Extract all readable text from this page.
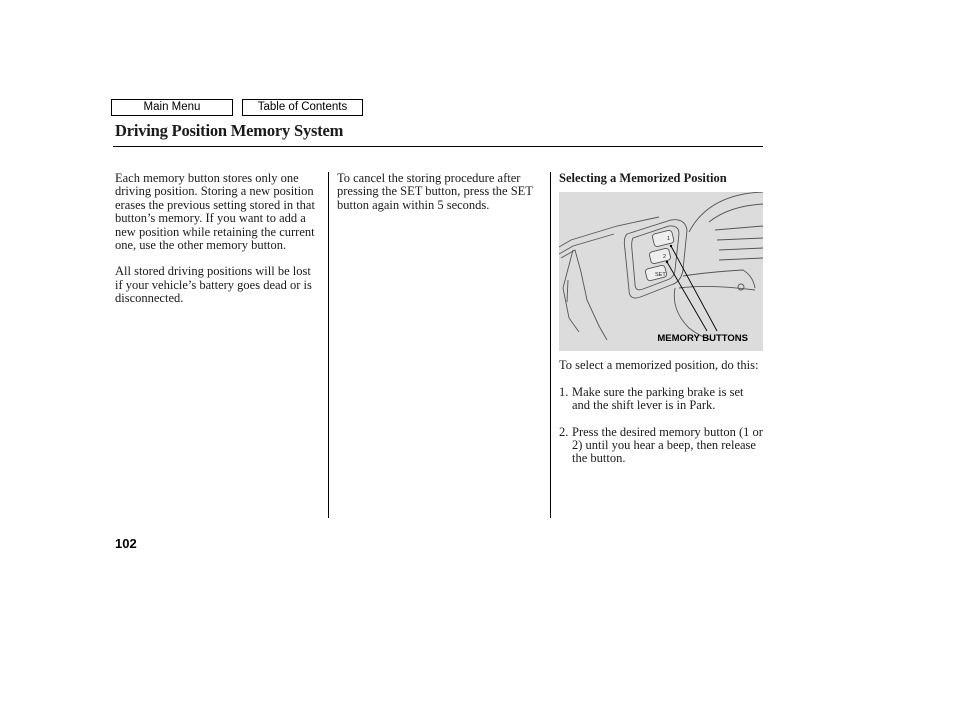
Main Menu	Table of Contents
Driving Position Memory System

Each memory button stores only one driving position. Storing a new position erases the previous setting stored in that button’s memory. If you want to add a new position while retaining the current one, use the other memory button.

All stored driving positions will be lost if your vehicle’s battery goes dead or is disconnected.

To cancel the storing procedure after pressing the SET button, press the SET button again within 5 seconds.

Selecting a Memorized Position
1
2
SET
MEMORY BUTTONS

To select a memorized position, do this:

1. Make sure the parking brake is set and the shift lever is in Park.
2. Press the desired memory button (1 or 2) until you hear a beep, then release the button.
102
